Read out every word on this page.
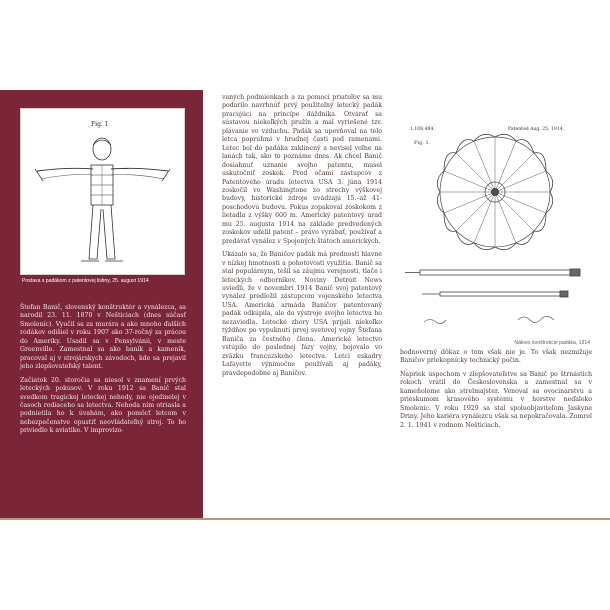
Fig. 1
Postava s padákom z patentovej listiny, 25. august 1914

Štefan Banič, slovenský konštruktér a vynálezca, sa narodil 23. 11. 1870 v Nešticiach (dnes súčasť Smoleníc). Vyučil sa za murára a ako mnoho ďalších rodákov odišiel v roku 1907 ako 37-ročný za prácou do Ameriky. Usadil sa v Pensylvánii, v meste Greenville. Zamestnal sa ako baník a kameník, pracoval aj v strojárskych závodoch, kde sa prejavil jeho zlepšovateľský talent.

Začiatok 20. storočia sa niesol v znamení prvých leteckých pokusov. V roku 1912 sa Banič stal svedkom tragickej leteckej nehody, nie ojedinelej v časoch rodiaceho sa letectva. Nehoda ním otriasla a podnietila ho k úvahám, ako pomôcť letcom v nebezpečenstve opustiť neovládateľný stroj. To ho priviedlo k aviatike. V improvizo-

vaných podmienkach a za pomoci priateľov sa mu podarilo navrhnúť prvý použiteľný letecký padák pracujúci na princípe dáždnika. Otvárať sa sústavou niekoľkých pružín a mal vyriešené tzv. plávanie vo vzduchu. Padák sa upevňoval na telo letca popruhmi v hrudnej časti pod ramenami. Letec bol do padáka zaklinený a nevisel voľne na lanách tak, ako to poznáme dnes. Ak chcel Banič dosiahnuť uznanie svojho patentu, musel uskutočniť zoskok. Pred očami zástupcov z Patentového úradu letectva USA 3. júna 1914 zoskočil vo Washingtone zo strechy výškovej budovy, historické zdroje uvádzajú 15.–až 41-poschodovú budovu. Pokus zopakoval zoskokom z lietadla z výšky 600 m. Americký patentový úrad mu 25. augusta 1914 na základe predvedených zoskokov udelil patent – právo vyrábať, používať a predávať vynález v Spojených štátoch amerických.

Ukázalo sa, že Baničov padák má prednosti hlavne v nízkej hmotnosti a pohotovosti využitia. Banič sa stal populárnym, tešil sa záujmu verejnosti, tlače i leteckých odborníkov. Noviny Detroit News uviedli, že v novembri 1914 Banič svoj patentový vynález predložil zástupcom vojenského letectva USA. Americká armáda Baničov patentovaný padák odkúpila, ale do výstroje svojho letectva ho nezaviedla. Letecké zbory USA prijali niekoľko týždňov po vypuknutí prvej svetovej vojny Štefana Baniča za čestného člena. Americké letectvo vstúpilo do poslednej fázy vojny, bojovalo vo zväzku francúzskeho letectva. Letci eskadry Lafayette výnimočne používali aj padáky, pravdepodobne aj Baničov.

1,108,484.	Patented Aug. 25, 1914.
Fig. 1.
Nákres konštrukcie padáka, 1914

hodnoverný dôkaz o tom však nie je. To však nezmižuje Baničov priekopnícky technický počin.

Napriek úspechom v zlepšovateľstve sa Banič po štrnástich rokoch vrátil do Československa a zamestnal sa v kameňolome ako strelmajster. Venoval sa ovocinárstvu a prieskumom krasového systému v horstve neďaleko Smoleníc. V roku 1929 sa stal spoluobjaviteľom Jaskyne Driny. Jeho kariéra vynálezcu však sa nepokračovala. Zomrel 2. 1. 1941 v rodnom Nešticiach.
